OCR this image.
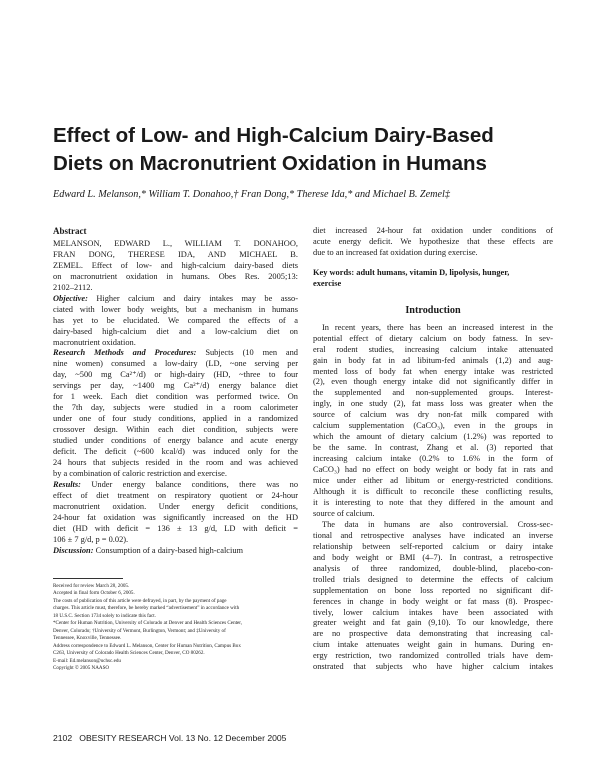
Effect of Low- and High-Calcium Dairy-Based
Diets on Macronutrient Oxidation in Humans
Edward L. Melanson,* William T. Donahoo,† Fran Dong,* Therese Ida,* and Michael B. Zemel‡
Abstract
MELANSON, EDWARD L., WILLIAM T. DONAHOO,
FRAN DONG, THERESE IDA, AND MICHAEL B.
ZEMEL. Effect of low- and high-calcium dairy-based diets
on macronutrient oxidation in humans. Obes Res. 2005;13:
2102–2112.
Objective: Higher calcium and dairy intakes may be asso-
ciated with lower body weights, but a mechanism in humans
has yet to be elucidated. We compared the effects of a
dairy-based high-calcium diet and a low-calcium diet on
macronutrient oxidation.
Research Methods and Procedures: Subjects (10 men and
nine women) consumed a low-dairy (LD, ~one serving per
day, ~500 mg Ca²⁺/d) or high-dairy (HD, ~three to four
servings per day, ~1400 mg Ca²⁺/d) energy balance diet
for 1 week. Each diet condition was performed twice. On
the 7th day, subjects were studied in a room calorimeter
under one of four study conditions, applied in a randomized
crossover design. Within each diet condition, subjects were
studied under conditions of energy balance and acute energy
deficit. The deficit (~600 kcal/d) was induced only for the
24 hours that subjects resided in the room and was achieved
by a combination of caloric restriction and exercise.
Results: Under energy balance conditions, there was no
effect of diet treatment on respiratory quotient or 24-hour
macronutrient oxidation. Under energy deficit conditions,
24-hour fat oxidation was significantly increased on the HD
diet (HD with deficit = 136 ± 13 g/d, LD with deficit =
106 ± 7 g/d, p = 0.02).
Discussion: Consumption of a dairy-based high-calcium
Received for review March 28, 2005.
Accepted in final form October 6, 2005.
The costs of publication of this article were defrayed, in part, by the payment of page
charges. This article must, therefore, be hereby marked “advertisement” in accordance with
18 U.S.C. Section 1734 solely to indicate this fact.
*Center for Human Nutrition, University of Colorado at Denver and Health Sciences Center,
Denver, Colorado; †University of Vermont, Burlington, Vermont; and ‡University of
Tennessee, Knoxville, Tennessee.
Address correspondence to Edward L. Melanson, Center for Human Nutrition, Campus Box
C263, University of Colorado Health Sciences Center, Denver, CO 80262.
E-mail: Ed.melanson@uchsc.edu
Copyright © 2005 NAASO
diet increased 24-hour fat oxidation under conditions of
acute energy deficit. We hypothesize that these effects are
due to an increased fat oxidation during exercise.
Key words: adult humans, vitamin D, lipolysis, hunger,
exercise
Introduction
In recent years, there has been an increased interest in the
potential effect of dietary calcium on body fatness. In sev-
eral rodent studies, increasing calcium intake attenuated
gain in body fat in ad libitum-fed animals (1,2) and aug-
mented loss of body fat when energy intake was restricted
(2), even though energy intake did not significantly differ in
the supplemented and non-supplemented groups. Interest-
ingly, in one study (2), fat mass loss was greater when the
source of calcium was dry non-fat milk compared with
calcium supplementation (CaCO₃), even in the groups in
which the amount of dietary calcium (1.2%) was reported to
be the same. In contrast, Zhang et al. (3) reported that
increasing calcium intake (0.2% to 1.6% in the form of
CaCO₃) had no effect on body weight or body fat in rats and
mice under either ad libitum or energy-restricted conditions.
Although it is difficult to reconcile these conflicting results,
it is interesting to note that they differed in the amount and
source of calcium.
The data in humans are also controversial. Cross-sec-
tional and retrospective analyses have indicated an inverse
relationship between self-reported calcium or dairy intake
and body weight or BMI (4–7). In contrast, a retrospective
analysis of three randomized, double-blind, placebo-con-
trolled trials designed to determine the effects of calcium
supplementation on bone loss reported no significant dif-
ferences in change in body weight or fat mass (8). Prospec-
tively, lower calcium intakes have been associated with
greater weight and fat gain (9,10). To our knowledge, there
are no prospective data demonstrating that increasing cal-
cium intake attenuates weight gain in humans. During en-
ergy restriction, two randomized controlled trials have dem-
onstrated that subjects who have higher calcium intakes
2102 OBESITY RESEARCH Vol. 13 No. 12 December 2005
